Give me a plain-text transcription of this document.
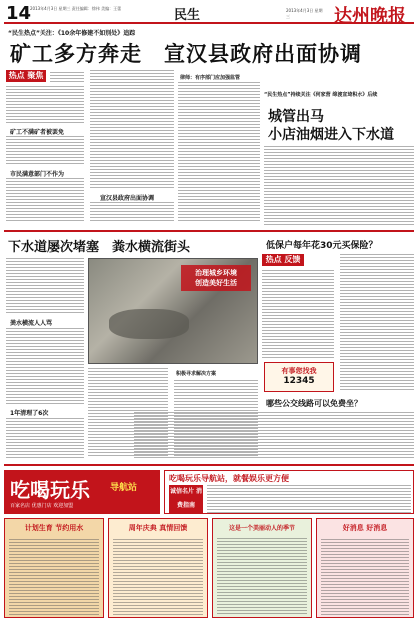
14
2013年4月3日 星期三 责任编辑：徐伟 美编：王蕾	民生	2013年4月3日 星期三	达州晚报
“民生热点”关注：《10余年修建不如别处》追踪
矿工多方奔走　宣汉县政府出面协调
热点 聚焦
矿工不满矿者被罢免
市民满意部门不作为
宣汉县政府出面协调
律师：有序部门应加强监管
“民生热点”持续关注《何家营 绵渡宣琦积水》后续
城管出马
小店油烟进入下水道
下水道屡次堵塞　粪水横流街头
粪水横流人人骂
1年清理了6次
治理城乡环境
创造美好生活
积极寻求解决方案
低保户每年花30元买保险？
热点 反馈
有事您找我
12345
哪些公交线路可以免费坐？
吃喝玩乐 导航站
百家名店 优惠门店 欢迎加盟
吃喝玩乐导航站，就餐娱乐更方便
诚信名片 消费指南
计划生育 节约用水	周年庆典 真情回馈	这是一个美丽动人的季节	好消息 好消息
